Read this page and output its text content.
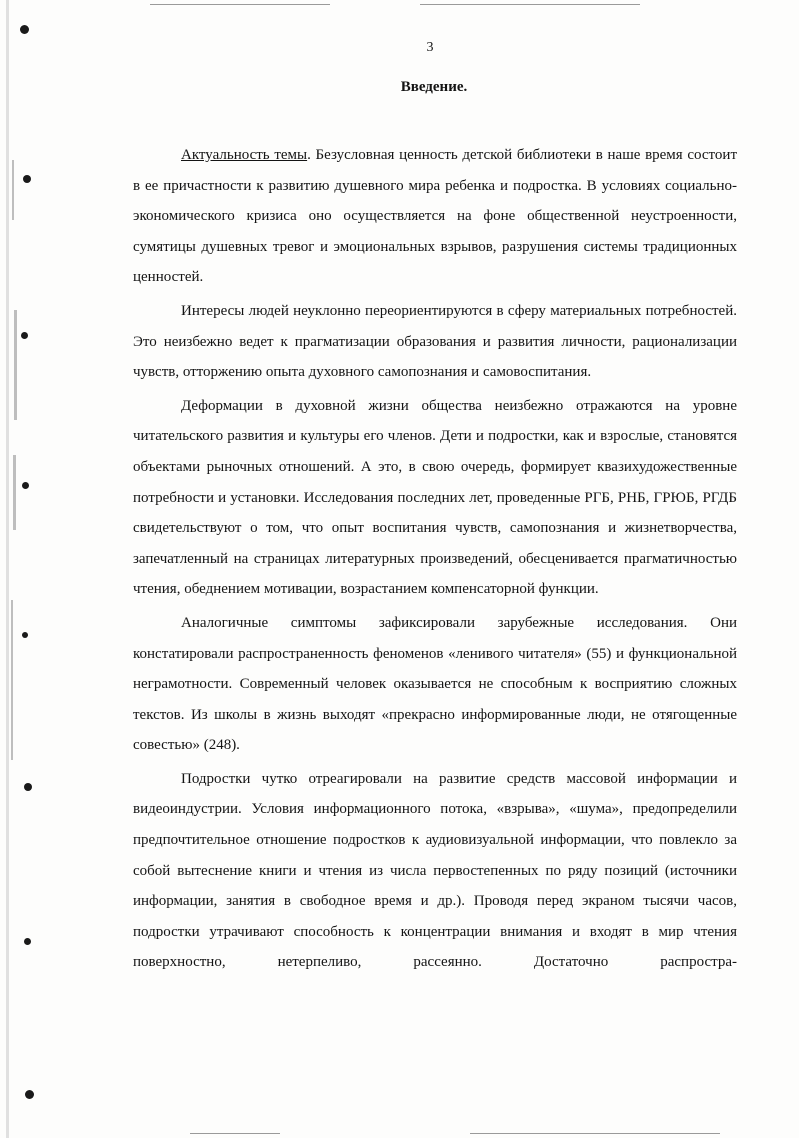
3
Введение.

Актуальность темы. Безусловная ценность детской библиотеки в наше время состоит в ее причастности к развитию душевного мира ребенка и подростка. В условиях социально-экономического кризиса оно осуществляется на фоне общественной неустроенности, сумятицы душевных тревог и эмоциональных взрывов, разрушения системы традиционных ценностей.

Интересы людей неуклонно переориентируются в сферу материальных потребностей. Это неизбежно ведет к прагматизации образования и развития личности, рационализации чувств, отторжению опыта духовного самопознания и самовоспитания.

Деформации в духовной жизни общества неизбежно отражаются на уровне читательского развития и культуры его членов. Дети и подростки, как и взрослые, становятся объектами рыночных отношений. А это, в свою очередь, формирует квазихудожественные потребности и установки. Исследования последних лет, проведенные РГБ, РНБ, ГРЮБ, РГДБ свидетельствуют о том, что опыт воспитания чувств, самопознания и жизнетворчества, запечатленный на страницах литературных произведений, обесценивается прагматичностью чтения, обеднением мотивации, возрастанием компенсаторной функции.

Аналогичные симптомы зафиксировали зарубежные исследования. Они констатировали распространенность феноменов «ленивого читателя» (55) и функциональной неграмотности. Современный человек оказывается не способным к восприятию сложных текстов. Из школы в жизнь выходят «прекрасно информированные люди, не отягощенные совестью» (248).

Подростки чутко отреагировали на развитие средств массовой информации и видеоиндустрии. Условия информационного потока, «взрыва», «шума», предопределили предпочтительное отношение подростков к аудиовизуальной информации, что повлекло за собой вытеснение книги и чтения из числа первостепенных по ряду позиций (источники информации, занятия в свободное время и др.). Проводя перед экраном тысячи часов, подростки утрачивают способность к концентрации внимания и входят в мир чтения поверхностно, нетерпеливо, рассеянно. Достаточно распростра-
